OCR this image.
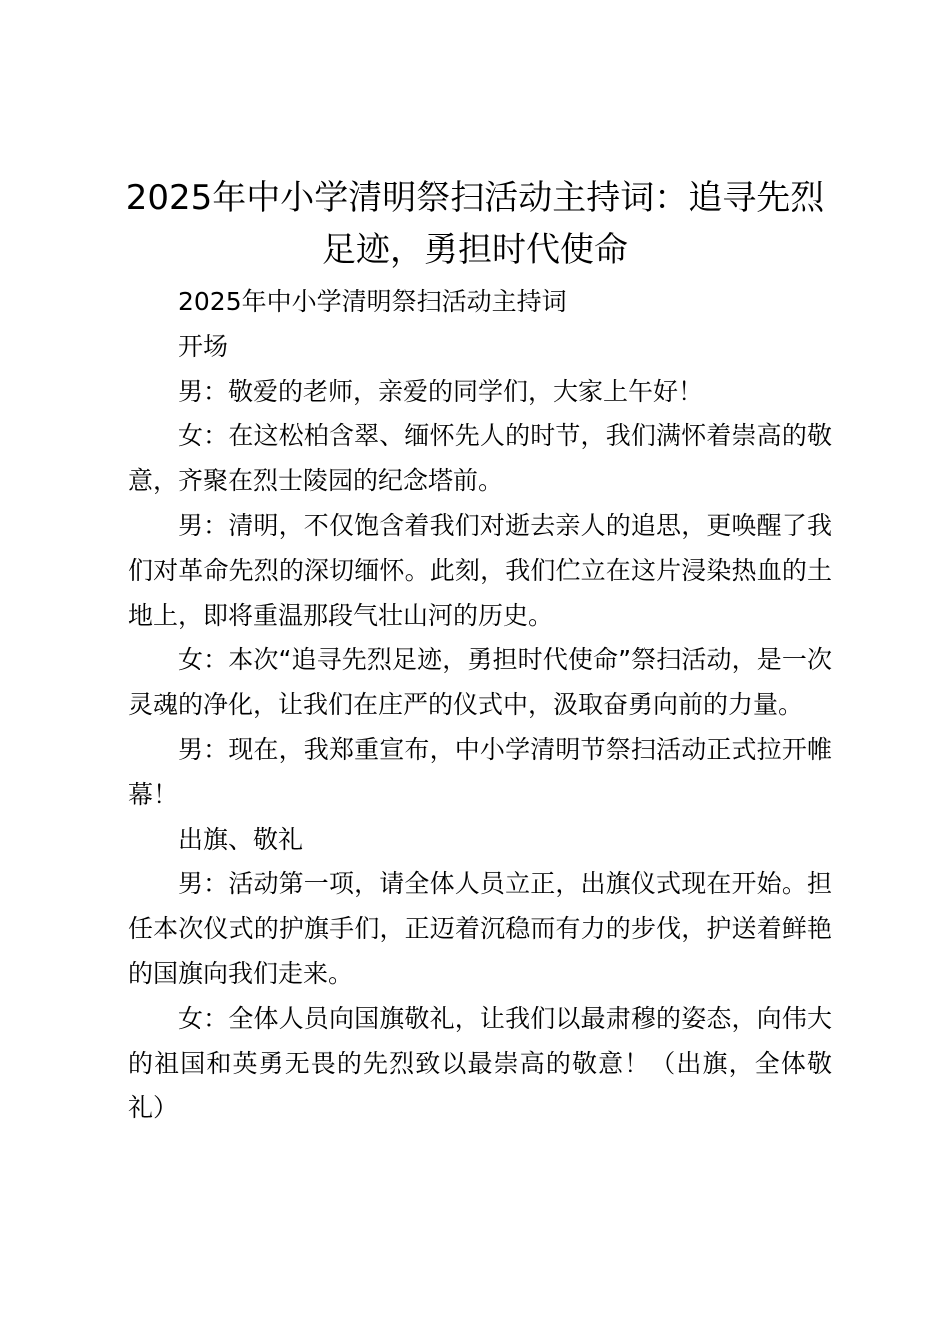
2025年中小学清明祭扫活动主持词：追寻先烈足迹，勇担时代使命

2025年中小学清明祭扫活动主持词

开场

男：敬爱的老师，亲爱的同学们，大家上午好！

女：在这松柏含翠、缅怀先人的时节，我们满怀着崇高的敬意，齐聚在烈士陵园的纪念塔前。

男：清明，不仅饱含着我们对逝去亲人的追思，更唤醒了我们对革命先烈的深切缅怀。此刻，我们伫立在这片浸染热血的土地上，即将重温那段气壮山河的历史。

女：本次“追寻先烈足迹，勇担时代使命”祭扫活动，是一次灵魂的净化，让我们在庄严的仪式中，汲取奋勇向前的力量。

男：现在，我郑重宣布，中小学清明节祭扫活动正式拉开帷幕！

出旗、敬礼

男：活动第一项，请全体人员立正，出旗仪式现在开始。担任本次仪式的护旗手们，正迈着沉稳而有力的步伐，护送着鲜艳的国旗向我们走来。

女：全体人员向国旗敬礼，让我们以最肃穆的姿态，向伟大的祖国和英勇无畏的先烈致以最崇高的敬意！（出旗，全体敬礼）
